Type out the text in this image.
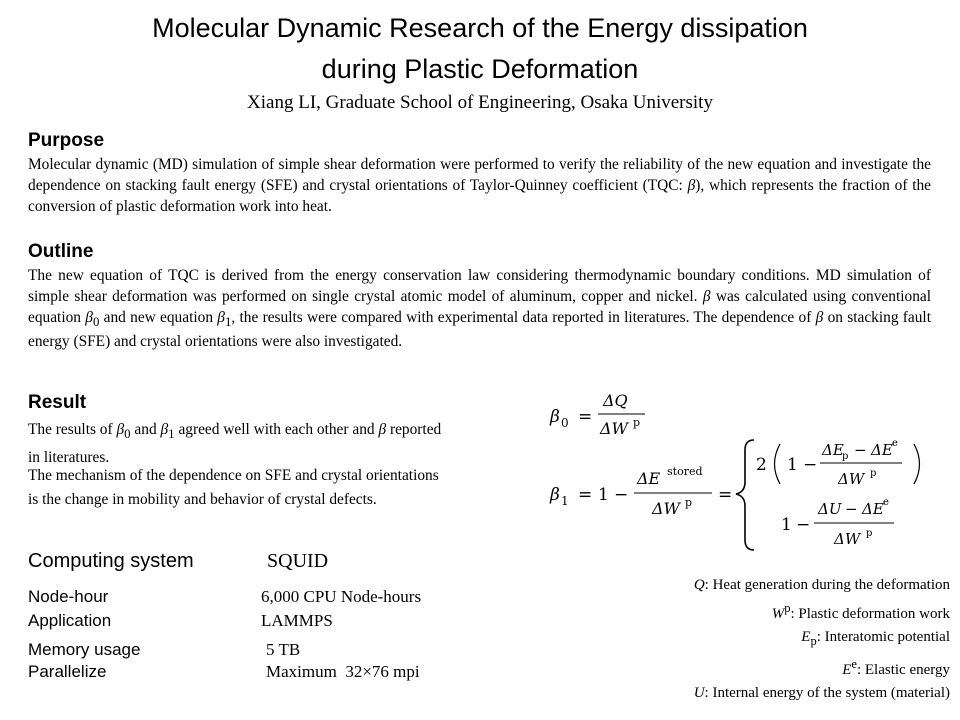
Molecular Dynamic Research of the Energy dissipation
during Plastic Deformation
Xiang LI, Graduate School of Engineering, Osaka University
Purpose
Molecular dynamic (MD) simulation of simple shear deformation were performed to verify the reliability of the new equation and investigate the dependence on stacking fault energy (SFE) and crystal orientations of Taylor-Quinney coefficient (TQC: β), which represents the fraction of the conversion of plastic deformation work into heat.
Outline
The new equation of TQC is derived from the energy conservation law considering thermodynamic boundary conditions. MD simulation of simple shear deformation was performed on single crystal atomic model of aluminum, copper and nickel. β was calculated using conventional equation $\beta_0$ and new equation $\beta_1$, the results were compared with experimental data reported in literatures. The dependence of β on stacking fault energy (SFE) and crystal orientations were also investigated.
Result
The results of $\beta_0$ and $\beta_1$ agreed well with each other and β reported in literatures.
The mechanism of the dependence on SFE and crystal orientations is the change in mobility and behavior of crystal defects.
β 0 =
ΔQ
ΔW p
β 1 = 1 −
ΔE stored
ΔW p =
2 1 −
ΔE
p − ΔE e
ΔW p
1 −
ΔU − ΔE e
ΔW p
Computing system	SQUID
Node-hour	6,000 CPU Node-hours
Application	LAMMPS
Memory usage	5 TB
Parallelize	Maximum  32×76 mpi
Q: Heat generation during the deformation
$W^p$: Plastic deformation work
$E_p$: Interatomic potential
$E^e$: Elastic energy
U: Internal energy of the system (material)
